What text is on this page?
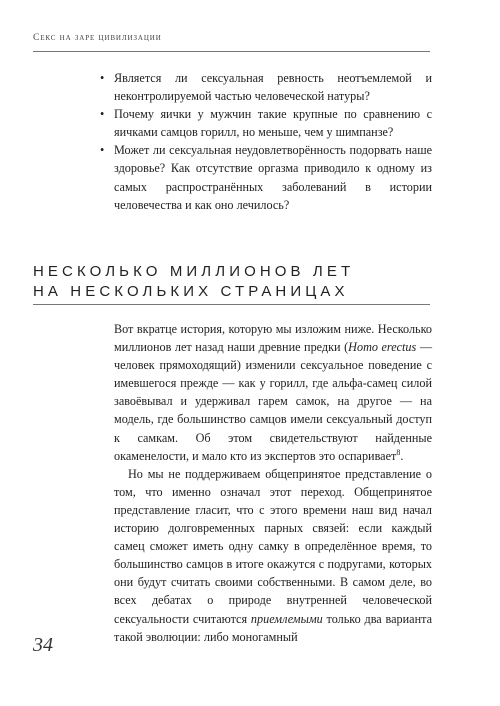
Секс на заре цивилизации
• Является ли сексуальная ревность неотъемлемой и неконтролируемой частью человеческой натуры?
• Почему яички у мужчин такие крупные по сравнению с яичками самцов горилл, но меньше, чем у шимпанзе?
• Может ли сексуальная неудовлетворённость подорвать наше здоровье? Как отсутствие оргазма приводило к одному из самых распространённых заболеваний в истории человечества и как оно лечилось?
НЕСКОЛЬКО МИЛЛИОНОВ ЛЕТ
НА НЕСКОЛЬКИХ СТРАНИЦАХ

Вот вкратце история, которую мы изложим ниже. Несколько миллионов лет назад наши древние предки (Homo erectus — человек прямоходящий) изменили сексуальное поведение с имевшегося прежде — как у горилл, где альфа-самец силой завоёвывал и удерживал гарем самок, на другое — на модель, где большинство самцов имели сексуальный доступ к самкам. Об этом свидетельствуют найденные окаменелости, и мало кто из экспертов это оспаривает$^8$.

Но мы не поддерживаем общепринятое представление о том, что именно означал этот переход. Общепринятое представление гласит, что с этого времени наш вид начал историю долговременных парных связей: если каждый самец сможет иметь одну самку в определённое время, то большинство самцов в итоге окажутся с подругами, которых они будут считать своими собственными. В самом деле, во всех дебатах о природе внутренней человеческой сексуальности считаются приемлемыми только два варианта такой эволюции: либо моногамный

34
